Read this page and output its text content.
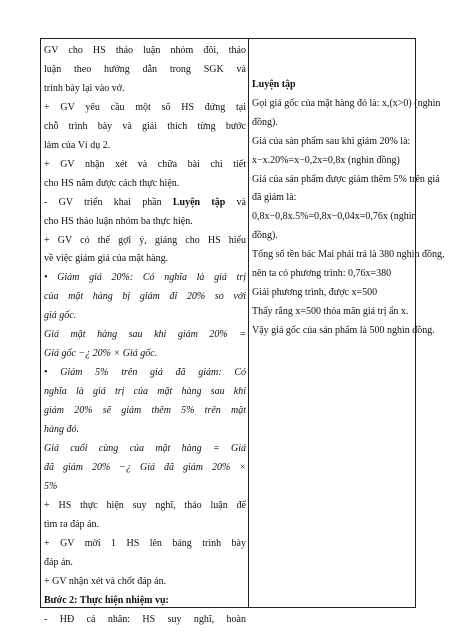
GV cho HS thảo luận nhóm đôi, thảo
luận theo hướng dẫn trong SGK và
trình bày lại vào vở.
+ GV yêu cầu một số HS đứng tại
chỗ trình bày và giải thích từng bước
làm của Ví dụ 2.
+ GV nhận xét và chữa bài chi tiết
cho HS nắm được cách thực hiện.
- GV triển khai phần Luyện tập và
cho HS thảo luận nhóm ba thực hiện.
+ GV có thể gợi ý, giảng cho HS hiểu
về việc giảm giá của mặt hàng.
• Giảm giá 20%: Có nghĩa là giá trị
của mặt hàng bị giảm đi 20% so với
giá gốc.
Giá mặt hàng sau khi giảm 20% =
Giá gốc −¿ 20% × Giá gốc.
• Giảm 5% trên giá đã giảm: Có
nghĩa là giá trị của mặt hàng sau khi
giảm 20% sẽ giảm thêm 5% trên mặt
hàng đó.
Giá cuối cùng của mặt hàng = Giá
đã giảm 20% −¿ Giá đã giảm 20% ×
5%
+ HS thực hiện suy nghĩ, thảo luận để
tìm ra đáp án.
+ GV mời 1 HS lên bảng trình bày
đáp án.
+ GV nhận xét và chốt đáp án.
Bước 2: Thực hiện nhiệm vụ:
- HĐ cá nhân: HS suy nghĩ, hoàn
Luyện tập
Gọi giá gốc của mặt hàng đó là: x,(x>0) (nghìn
đồng).
Giá của sản phẩm sau khi giảm 20% là:
x−x.20%=x−0,2x=0,8x (nghìn đồng)
Giá của sản phẩm được giảm thêm 5% trên giá
đã giảm là:
0,8x−0,8x.5%=0,8x−0,04x=0,76x (nghìn
đồng).
Tổng số tền bác Mai phải trả là 380 nghìn đồng,
nên ta có phương trình: 0,76x=380
Giải phương trình, được x=500
Thấy rằng x=500 thỏa mãn giá trị ẩn x.
Vậy giá gốc của sản phẩm là 500 nghìn đồng.
